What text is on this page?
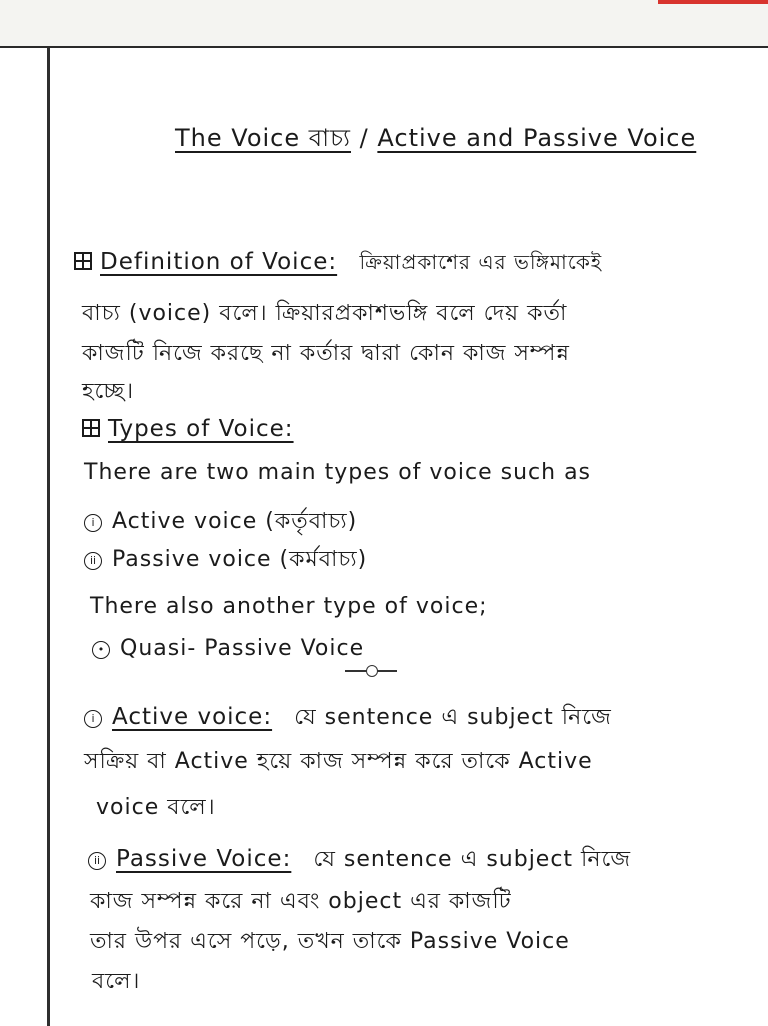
The Voice বাচ্য / Active and Passive Voice
Definition of Voice: ক্রিয়াপ্রকাশের এর ভঙ্গিমাকেই
বাচ্য (voice) বলে। ক্রিয়ারপ্রকাশভঙ্গি বলে দেয় কর্তা
কাজটি নিজে করছে না কর্তার দ্বারা কোন কাজ সম্পন্ন
হচ্ছে।
Types of Voice:
There are two main types of voice such as
i Active voice (কর্তৃবাচ্য)
ii Passive voice (কর্মবাচ্য)
There also another type of voice;
• Quasi- Passive Voice
i Active voice: যে sentence এ subject নিজে
সক্রিয় বা Active হয়ে কাজ সম্পন্ন করে তাকে Active
voice বলে।
ii Passive Voice: যে sentence এ subject নিজে
কাজ সম্পন্ন করে না এবং object এর কাজটি
তার উপর এসে পড়ে, তখন তাকে Passive Voice
বলে।
